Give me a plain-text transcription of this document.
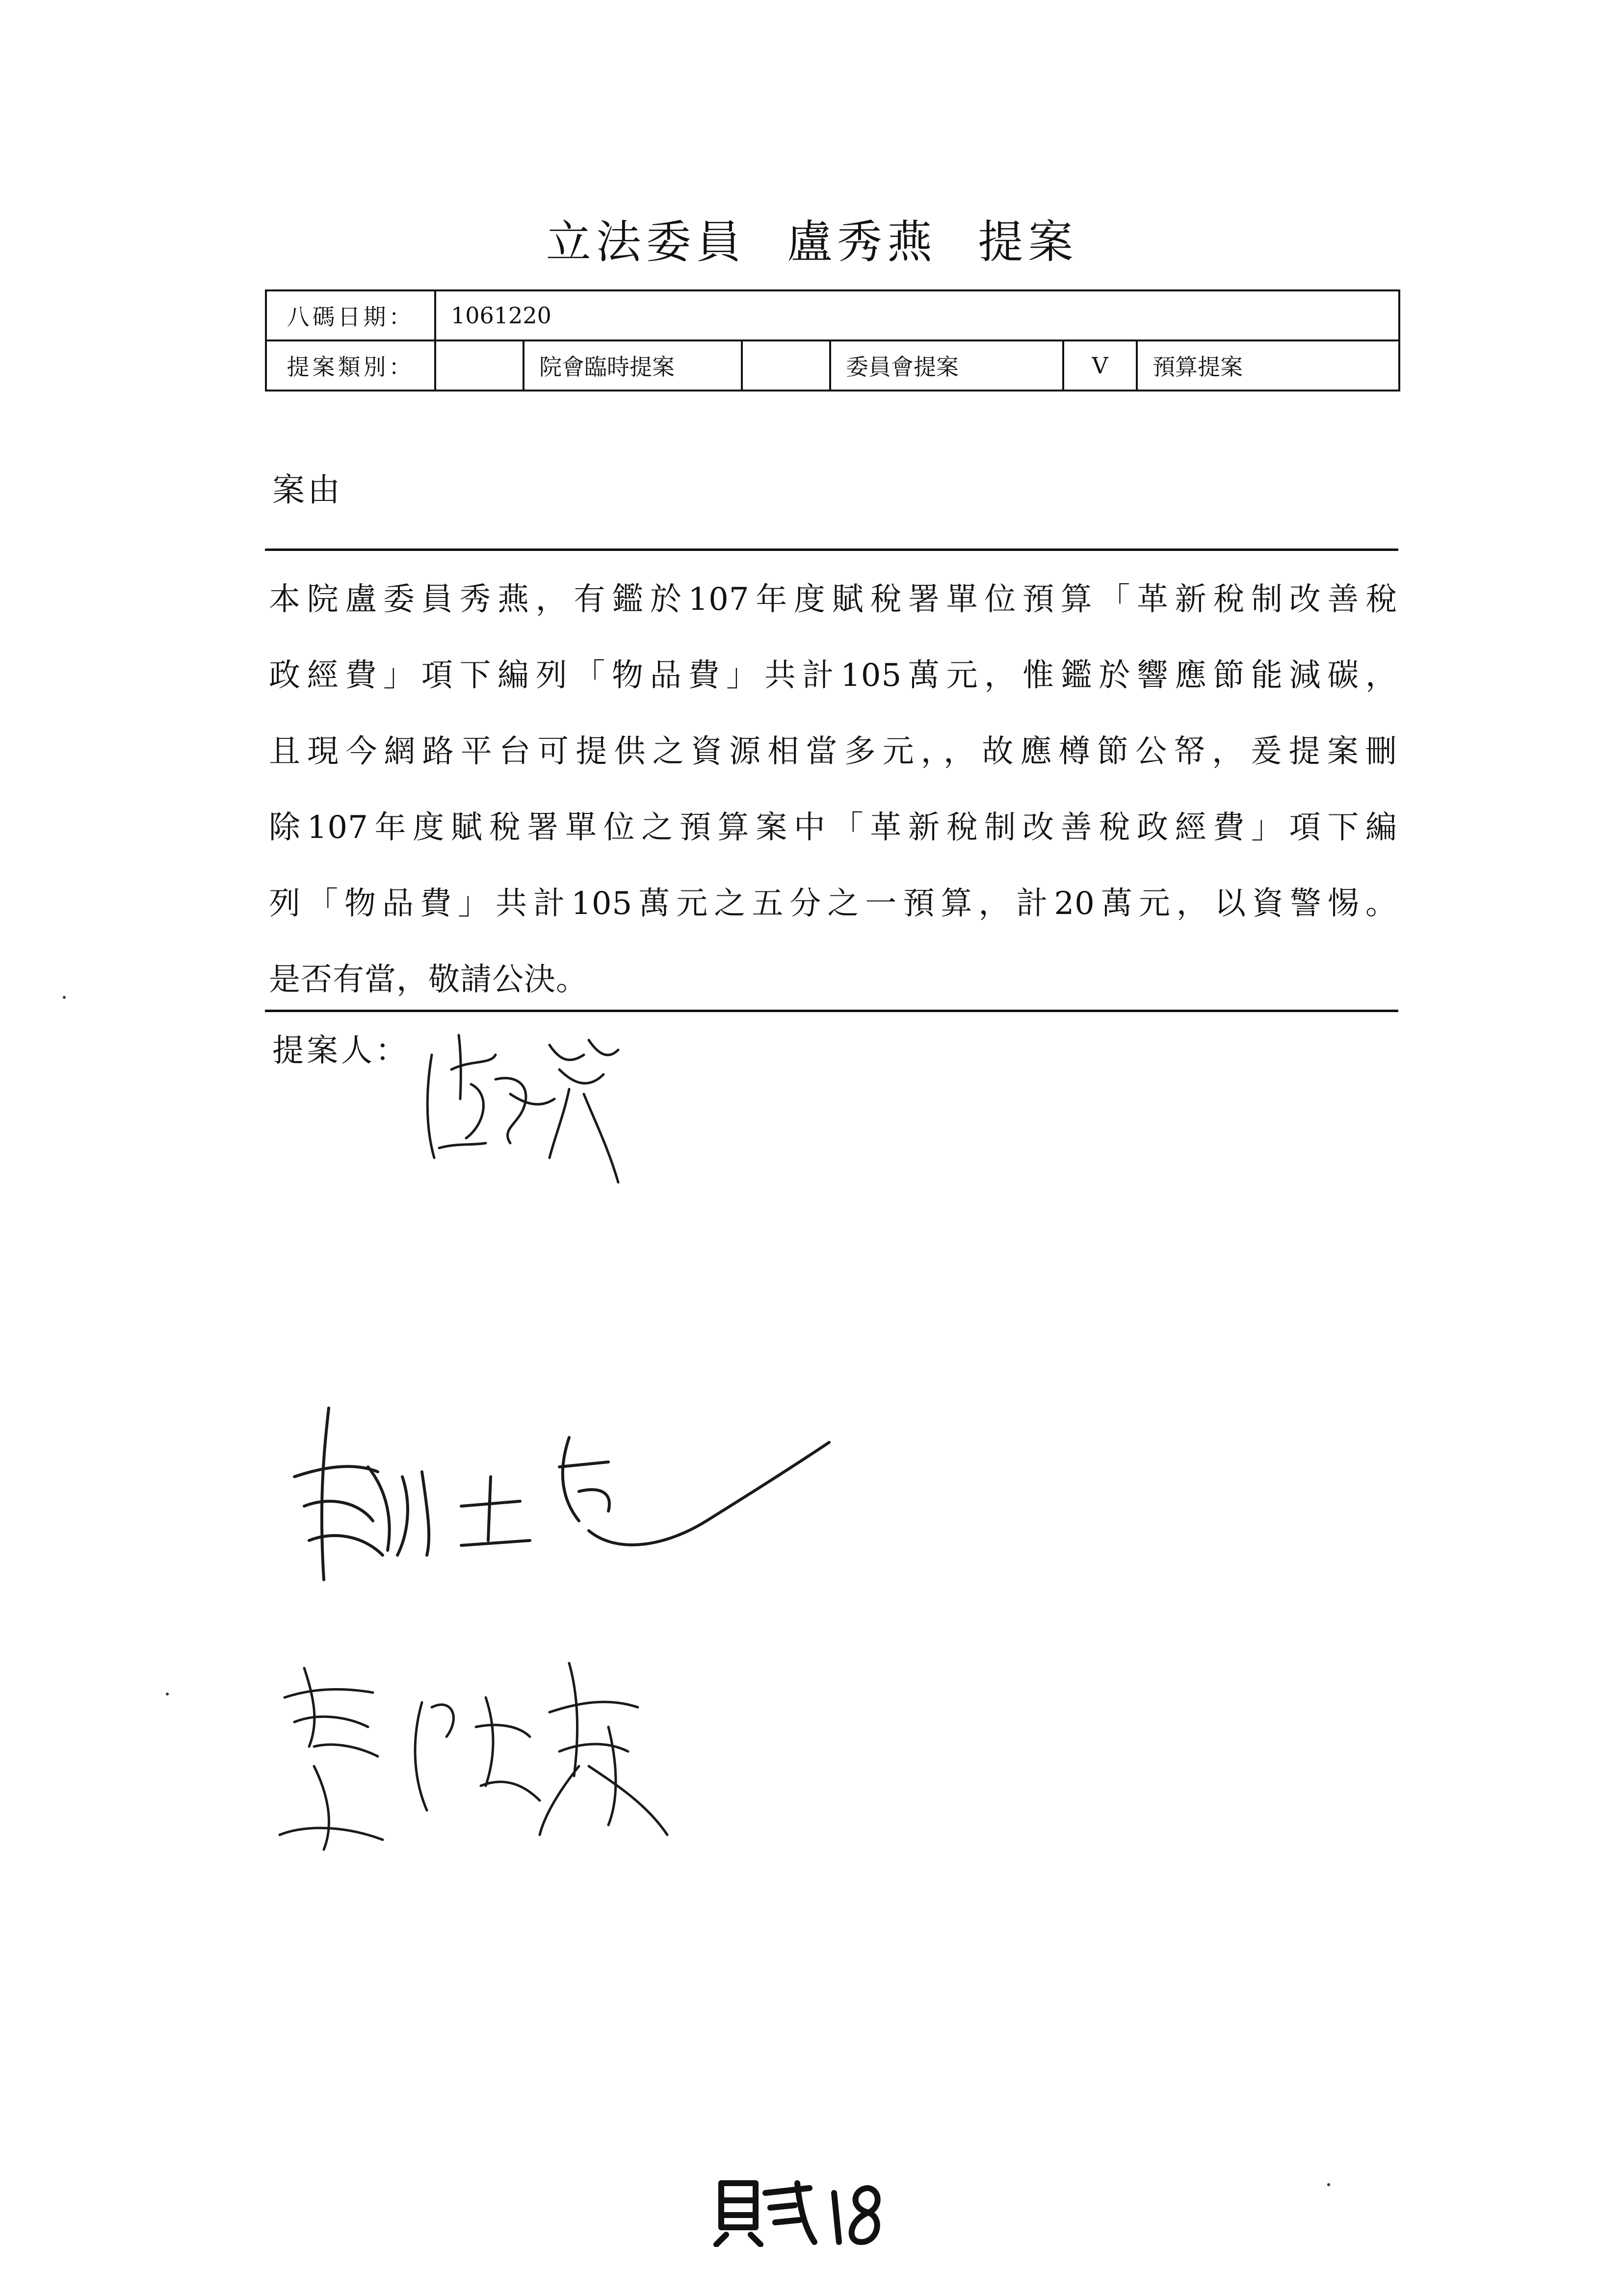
立法委員 盧秀燕 提案
八碼日期：	1061220					
提案類別：		院會臨時提案		委員會提案	V	預算提案
案由
本院盧委員秀燕，有鑑於107年度賦稅署單位預算「革新稅制改善稅
政經費」項下編列「物品費」共計105萬元，惟鑑於響應節能減碳，
且現今網路平台可提供之資源相當多元，，故應樽節公帑，爰提案刪
除107年度賦稅署單位之預算案中「革新稅制改善稅政經費」項下編
列「物品費」共計105萬元之五分之一預算，計20萬元，以資警惕。
是否有當，敬請公決。
提案人：
